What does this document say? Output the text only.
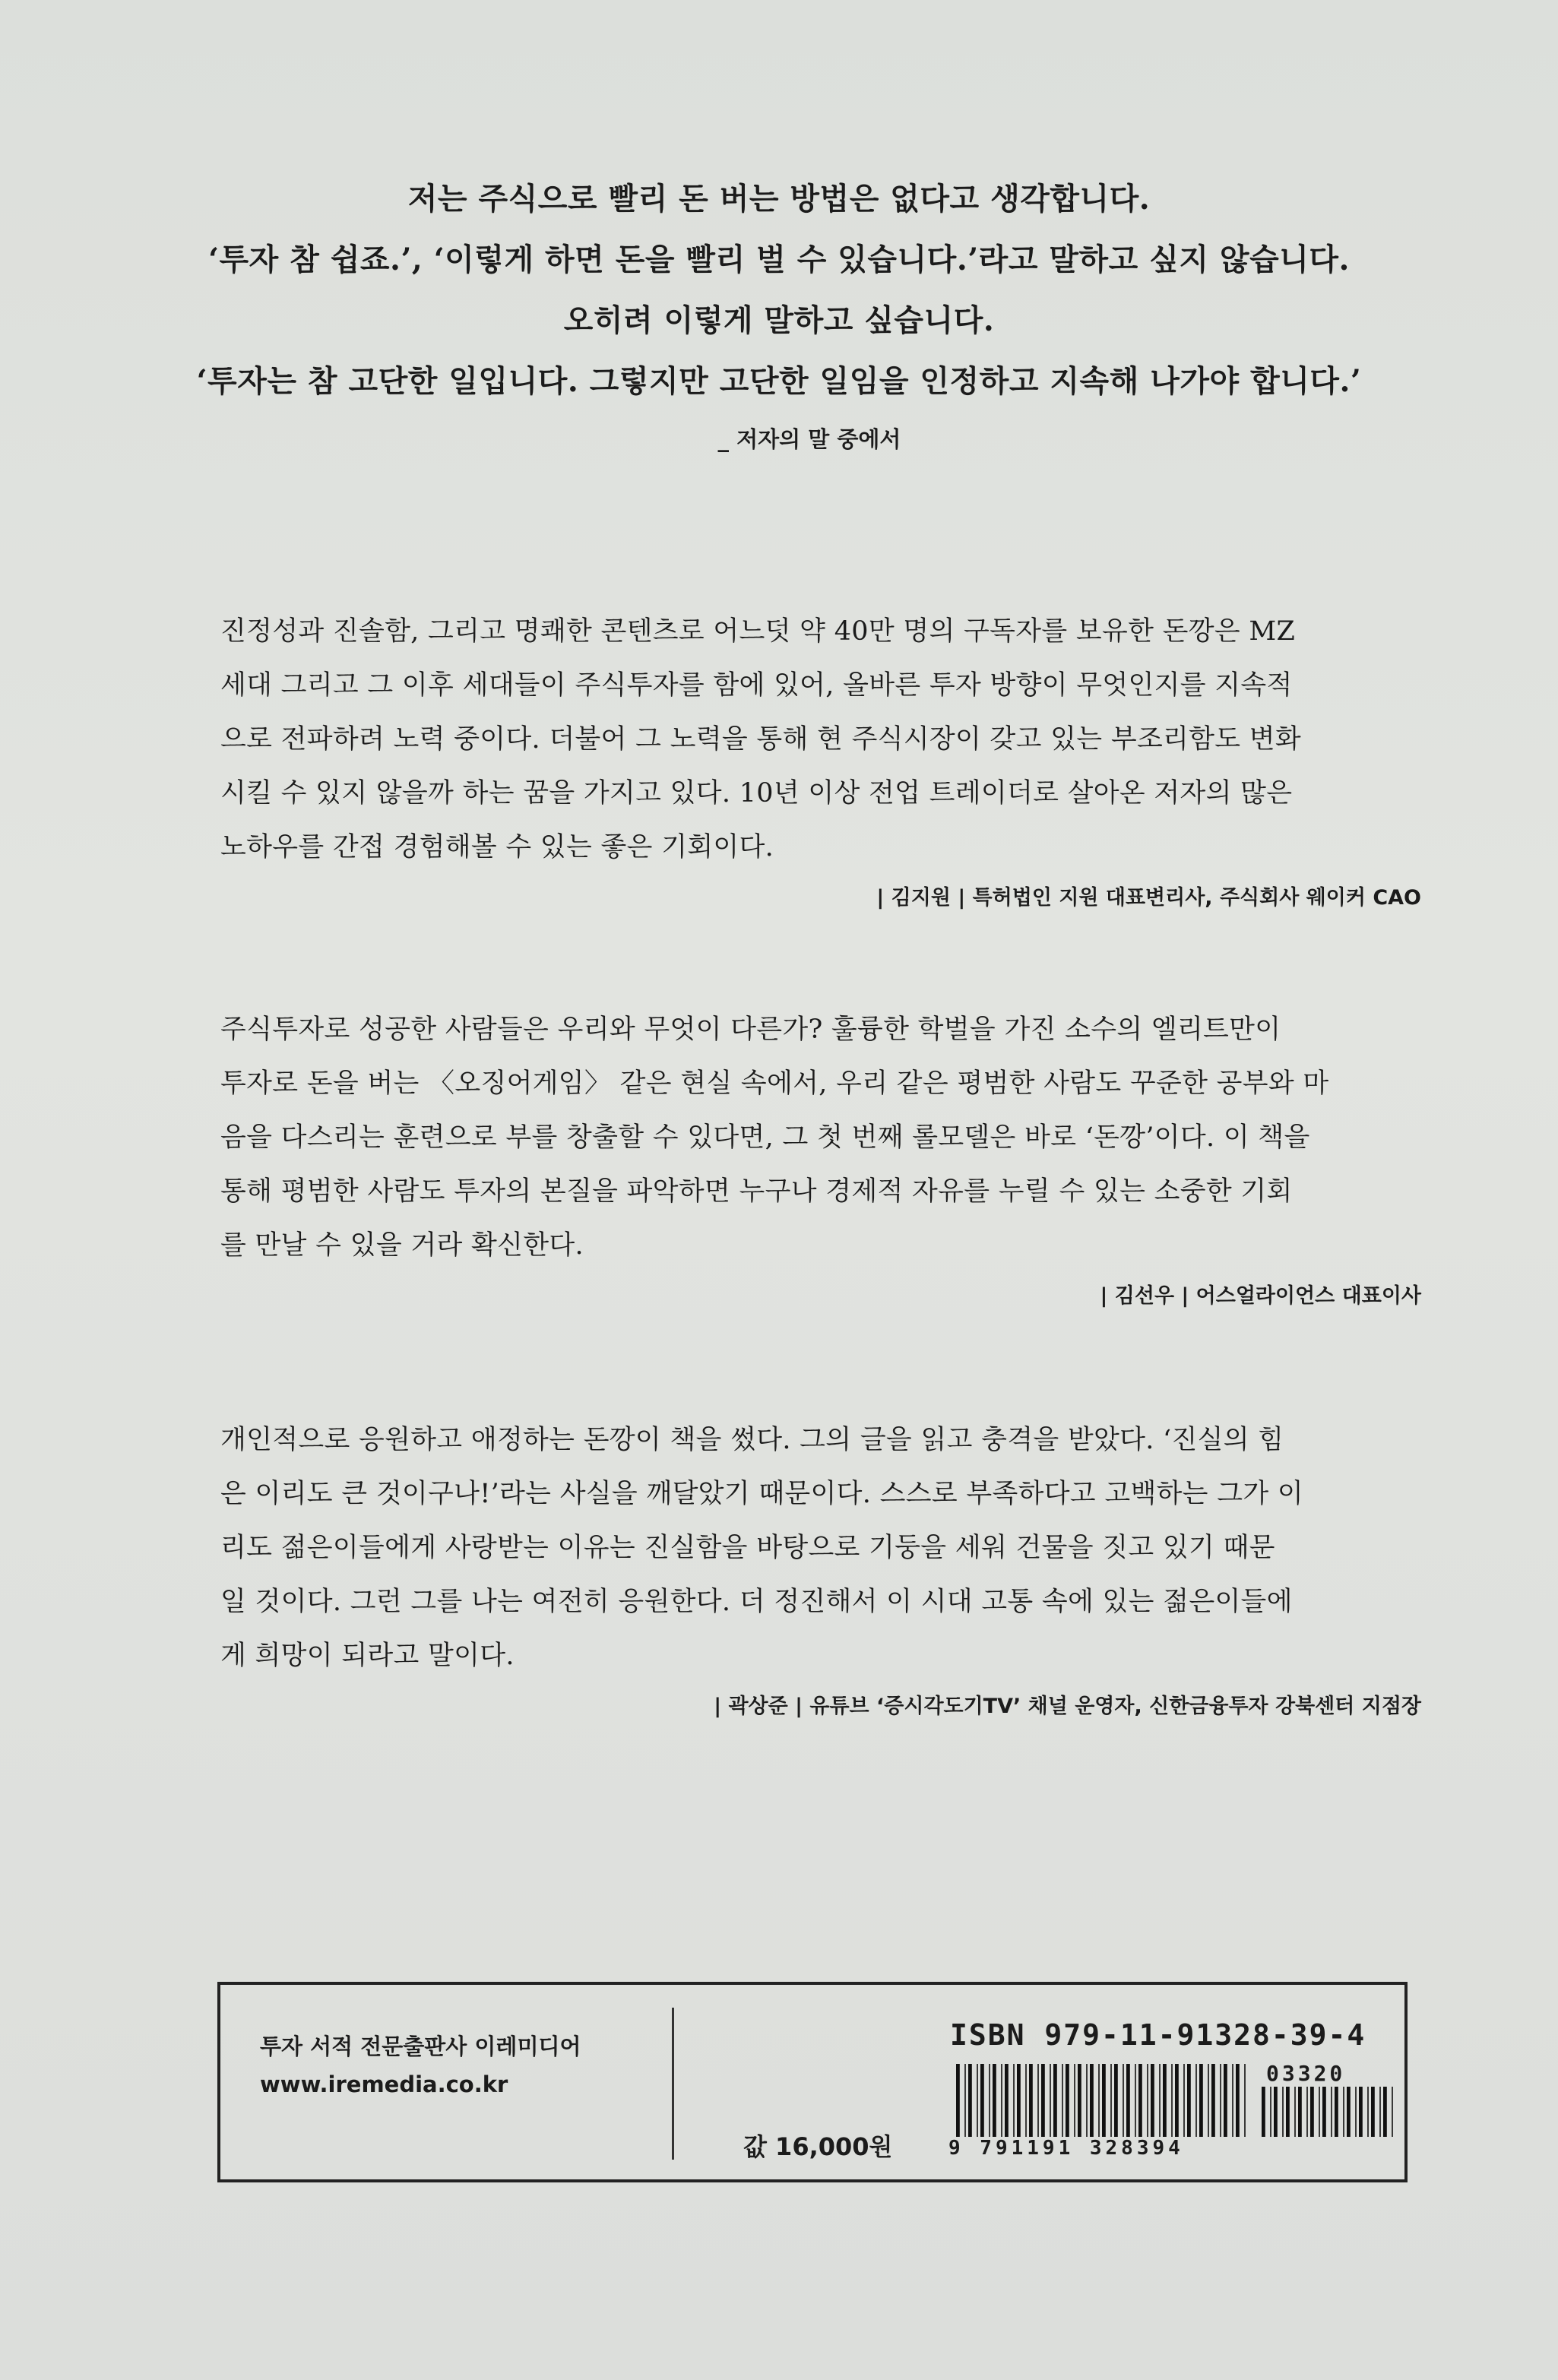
저는 주식으로 빨리 돈 버는 방법은 없다고 생각합니다.
‘투자 참 쉽죠.’, ‘이렇게 하면 돈을 빨리 벌 수 있습니다.’라고 말하고 싶지 않습니다.
오히려 이렇게 말하고 싶습니다.
‘투자는 참 고단한 일입니다. 그렇지만 고단한 일임을 인정하고 지속해 나가야 합니다.’
_ 저자의 말 중에서
진정성과 진솔함, 그리고 명쾌한 콘텐츠로 어느덧 약 40만 명의 구독자를 보유한 돈깡은 MZ
세대 그리고 그 이후 세대들이 주식투자를 함에 있어, 올바른 투자 방향이 무엇인지를 지속적
으로 전파하려 노력 중이다. 더불어 그 노력을 통해 현 주식시장이 갖고 있는 부조리함도 변화
시킬 수 있지 않을까 하는 꿈을 가지고 있다. 10년 이상 전업 트레이더로 살아온 저자의 많은
노하우를 간접 경험해볼 수 있는 좋은 기회이다.
| 김지원 | 특허법인 지원 대표변리사, 주식회사 웨이커 CAO
주식투자로 성공한 사람들은 우리와 무엇이 다른가? 훌륭한 학벌을 가진 소수의 엘리트만이
투자로 돈을 버는 〈오징어게임〉 같은 현실 속에서, 우리 같은 평범한 사람도 꾸준한 공부와 마
음을 다스리는 훈련으로 부를 창출할 수 있다면, 그 첫 번째 롤모델은 바로 ‘돈깡’이다. 이 책을
통해 평범한 사람도 투자의 본질을 파악하면 누구나 경제적 자유를 누릴 수 있는 소중한 기회
를 만날 수 있을 거라 확신한다.
| 김선우 | 어스얼라이언스 대표이사
개인적으로 응원하고 애정하는 돈깡이 책을 썼다. 그의 글을 읽고 충격을 받았다. ‘진실의 힘
은 이리도 큰 것이구나!’라는 사실을 깨달았기 때문이다. 스스로 부족하다고 고백하는 그가 이
리도 젊은이들에게 사랑받는 이유는 진실함을 바탕으로 기둥을 세워 건물을 짓고 있기 때문
일 것이다. 그런 그를 나는 여전히 응원한다. 더 정진해서 이 시대 고통 속에 있는 젊은이들에
게 희망이 되라고 말이다.
| 곽상준 | 유튜브 ‘증시각도기TV’ 채널 운영자, 신한금융투자 강북센터 지점장
투자 서적 전문출판사 이레미디어
www.iremedia.co.kr
값 16,000원
ISBN 979-11-91328-39-4
03320
9 791191 328394
